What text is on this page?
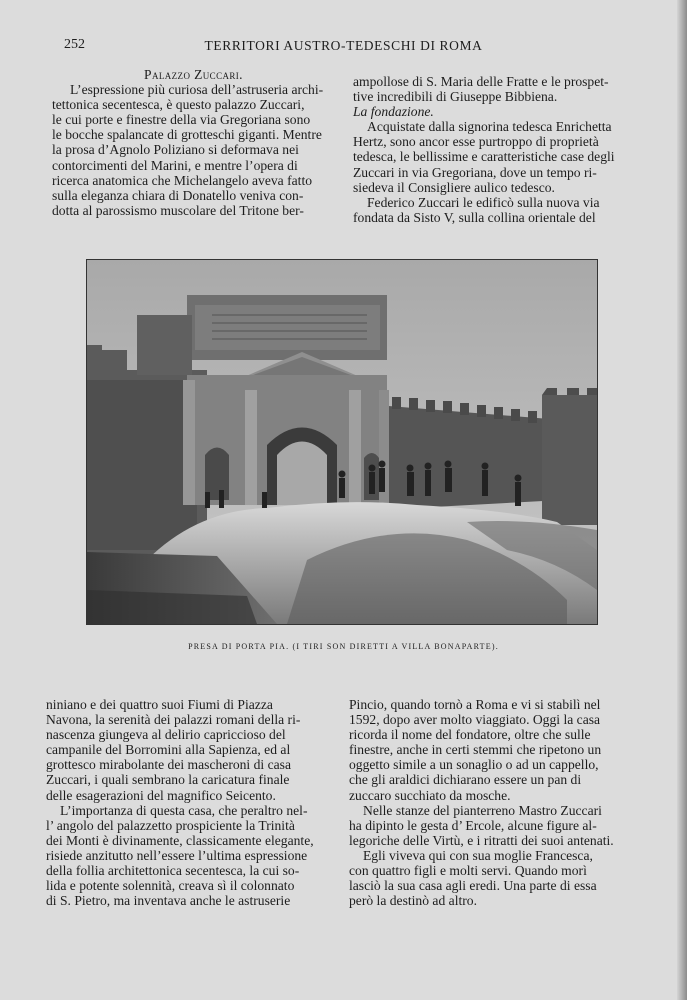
252	TERRITORI AUSTRO-TEDESCHI DI ROMA

Palazzo Zuccari.

L’espressione più curiosa dell’astruseria archi-
tettonica secentesca, è questo palazzo Zuccari,
le cui porte e finestre della via Gregoriana sono
le bocche spalancate di grotteschi giganti. Mentre
la prosa d’Agnolo Poliziano si deformava nei
contorcimenti del Marini, e mentre l’opera di
ricerca anatomica che Michelangelo aveva fatto
sulla eleganza chiara di Donatello veniva con-
dotta al parossismo muscolare del Tritone ber-
ampollose di S. Maria delle Fratte e le prospet-
tive incredibili di Giuseppe Bibbiena.

La fondazione.

Acquistate dalla signorina tedesca Enrichetta
Hertz, sono ancor esse purtroppo di proprietà
tedesca, le bellissime e caratteristiche case degli
Zuccari in via Gregoriana, dove un tempo ri-
siedeva il Consigliere aulico tedesco.
Federico Zuccari le edificò sulla nuova via
fondata da Sisto V, sulla collina orientale del
PRESA DI PORTA PIA. (I TIRI SON DIRETTI A VILLA BONAPARTE).
niniano e dei quattro suoi Fiumi di Piazza
Navona, la serenità dei palazzi romani della ri-
nascenza giungeva al delirio capriccioso del
campanile del Borromini alla Sapienza, ed al
grottesco mirabolante dei mascheroni di casa
Zuccari, i quali sembrano la caricatura finale
delle esagerazioni del magnifico Seicento.
L’importanza di questa casa, che peraltro nel-
l’ angolo del palazzetto prospiciente la Trinità
dei Monti è divinamente, classicamente elegante,
risiede anzitutto nell’essere l’ultima espressione
della follia architettonica secentesca, la cui so-
lida e potente solennità, creava sì il colonnato
di S. Pietro, ma inventava anche le astruserie
Pincio, quando tornò a Roma e vi si stabilì nel
1592, dopo aver molto viaggiato. Oggi la casa
ricorda il nome del fondatore, oltre che sulle
finestre, anche in certi stemmi che ripetono un
oggetto simile a un sonaglio o ad un cappello,
che gli araldici dichiarano essere un pan di
zuccaro succhiato da mosche.
Nelle stanze del pianterreno Mastro Zuccari
ha dipinto le gesta d’ Ercole, alcune figure al-
legoriche delle Virtù, e i ritratti dei suoi antenati.
Egli viveva qui con sua moglie Francesca,
con quattro figli e molti servi. Quando morì
lasciò la sua casa agli eredi. Una parte di essa
però la destinò ad altro.
